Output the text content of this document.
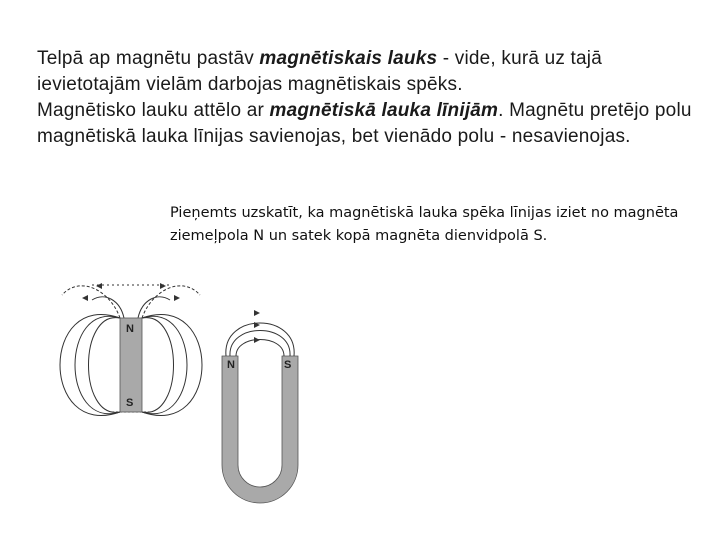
Telpā ap magnētu pastāv magnētiskais lauks - vide, kurā uz tajā ievietotajām vielām darbojas magnētiskais spēks.
Magnētisko lauku attēlo ar magnētiskā lauka līnijām. Magnētu pretējo polu magnētiskā lauka līnijas savienojas, bet vienādo polu - nesavienojas.
Pieņemts uzskatīt, ka magnētiskā lauka spēka līnijas iziet no magnēta ziemeļpola N un satek kopā magnēta dienvidpolā S.
N
S
N	S
